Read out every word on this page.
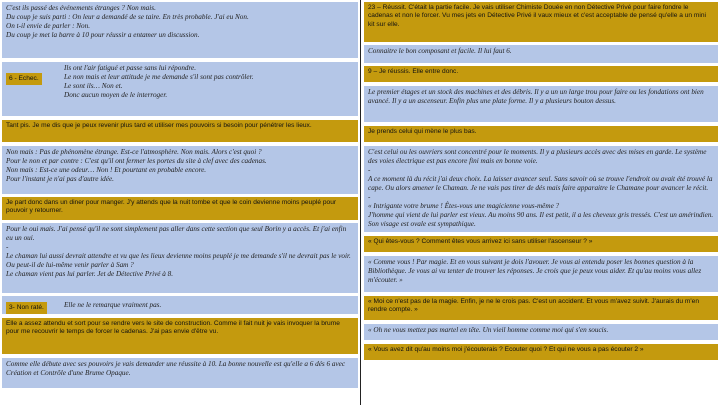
C'est ils passé des événements étranges ? Non mais.
Du coup je suis parti : On leur a demandé de se taire. En très probable. J'ai eu Non.
On t-il envie de parler : Non.
Du coup je met la barre à 10 pour réussir a entamer un discussion.
6 - Echec.
Ils ont l'air fatigué et passe sans lui répondre.
Le non mais et leur attitude je me demande s'il sont pas contrôler.
Le sont ils… Non et.
Donc aucun moyen de le interroger.
Tant pis. Je me dis que je peux revenir plus tard et utiliser mes pouvoirs si besoin pour pénétrer les lieux.
Non mais : Pas de phénomène étrange. Est-ce l'atmosphère. Non mais. Alors c'est quoi ?
Pour le non et par contre : C'est qu'il ont fermer les portes du site à clef avec des cadenas.
Non mais : Est-ce une odeur… Non ! Et pourtant en probable encore.
Pour l'instant je n'ai pas d'autre idée.
Je part donc dans un diner pour manger. J'y attends que la nuit tombe et que le coin devienne moins peuplé pour pouvoir y retourner.
Pour le oui mais. J'ai pensé qu'il ne sont simplement pas aller dans cette section que seul Borin y a accès. Et j'ai enfin eu un oui.
-
Le chaman lui aussi devrait attendre et vu que les lieux devienne moins peuplé je me demande s'il ne devrait pas le voir. Ou peut-il de lui-même venir parler à Sam ?
Le chaman vient pas lui parler. Jet de Détective Privé à 8.
3- Non raté.	Elle ne le remarque vraiment pas.
Elle a assez attendu et sort pour se rendre vers le site de construction. Comme il fait nuit je vais invoquer la brume pour me recouvrir le temps de forcer le cadenas. J'ai pas envie d'être vu.
Comme elle débute avec ses pouvoirs je vais demander une réussite à 10. La bonne nouvelle est qu'elle a 6 dés 6 avec Création et Contrôle d'une Brume Opaque.
23 – Réussit. C'était la partie facile. Je vais utiliser Chimiste Douée en non Détective Privé pour faire fondre le cadenas et non le forcer. Vu mes jets en Détective Privé il vaux mieux et c'est acceptable de pensé qu'elle a un mini kit sur elle.
Connaitre le bon composant et facile. Il lui faut 6.
9 – Je réussis. Elle entre donc.
Le premier étages et un stock des machines et des débris. Il y a un un large trou pour faire ou les fondations ont bien avancé. Il y a un ascenseur. Enfin plus une plate forme. Il y a plusieurs bouton dessus.
Je prends celui qui mène le plus bas.
C'est celui ou les ouvriers sont concentré pour le moments. Il y a plusieurs accès avec des mises en garde. Le système des voies électrique est pas encore fini mais en bonne voie.
-
A ce moment là du récit j'ai deux choix. La laisser avancer seul. Sans savoir où se trouve l'endroit ou avait été trouvé la cape. Ou alors amener le Chaman. Je ne vais pas tirer de dés mais faire apparaitre le Chamane pour avancer le récit.
-
« Intrigante votre brume ! Êtes-vous une magicienne vous-même ?
J'homme qui vient de lui parler est vieux. Au moins 90 ans. Il est petit, il a les cheveux gris tressés. C'est un amérindien. Son visage est ovale est sympathique.
« Qui êtes-vous ? Comment êtes vous arrivez ici sans utiliser l'ascenseur ? »
« Comme vous ! Par magie. Et en vous suivant je dois l'avouer. Je vous ai entendu poser les bonnes question à la Bibliothèque. Je vous ai vu tenter de trouver les réponses. Je crois que je peux vous aider. Et qu'au moins vous allez m'écouter. »
« Moi ce n'est pas de la magie. Enfin, je ne le crois pas. C'est un accident. Et vous m'avez suivit. J'aurais du m'en rendre compte. »
« Oh ne vous mettez pas martel en tête. Un vieil homme comme moi qui s'en soucis.
« Vous avez dit qu'au moins moi j'écouterais ? Ecouter quoi ? Et qui ne vous a pas écouter 2 »
